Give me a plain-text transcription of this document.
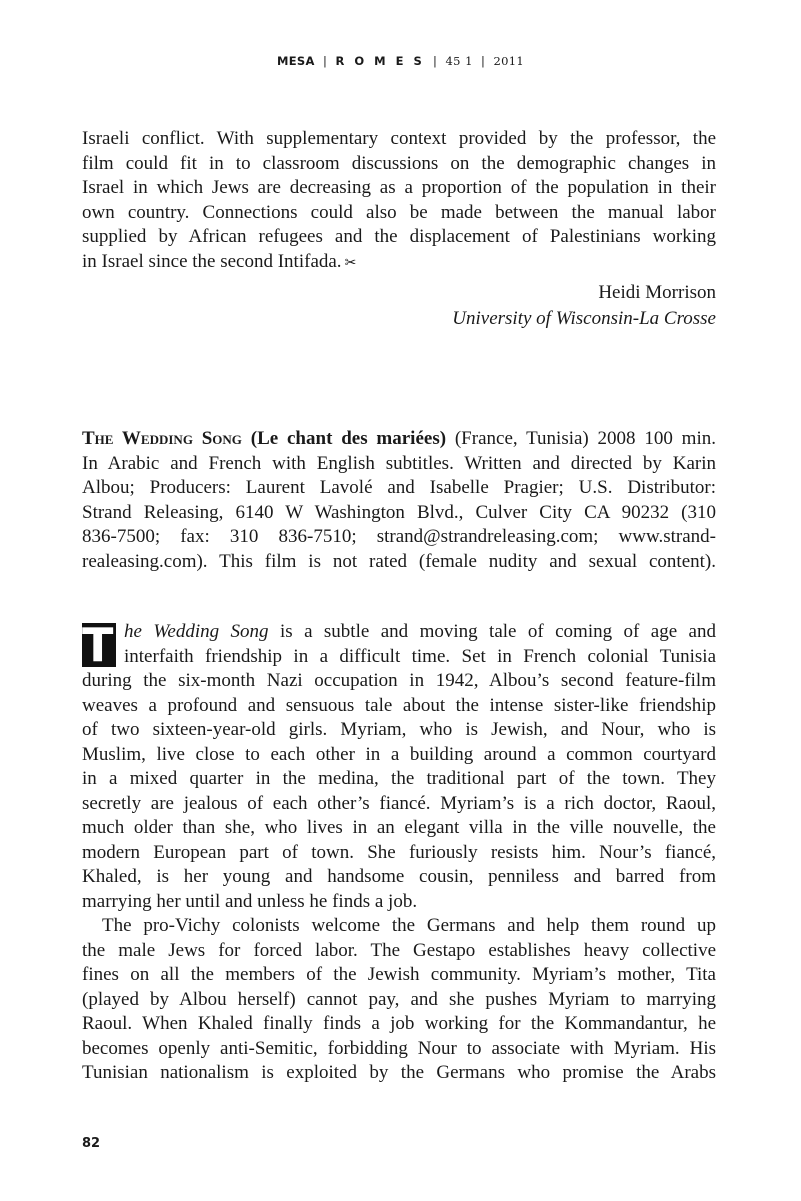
MESA | R O M E S | 45 1 | 2011
Israeli conflict. With supplementary context provided by the professor, the
film could fit in to classroom discussions on the demographic changes in
Israel in which Jews are decreasing as a proportion of the population in their
own country. Connections could also be made between the manual labor
supplied by African refugees and the displacement of Palestinians working
in Israel since the second Intifada. ✂
Heidi Morrison
University of Wisconsin-La Crosse
The Wedding Song (Le chant des mariées) (France, Tunisia) 2008 100 min.
In Arabic and French with English subtitles. Written and directed by Karin
Albou; Producers: Laurent Lavolé and Isabelle Pragier; U.S. Distributor:
Strand Releasing, 6140 W Washington Blvd., Culver City CA 90232 (310
836-7500; fax: 310 836-7510; strand@strandreleasing.com; www.strand-
realeasing.com). This film is not rated (female nudity and sexual content).
T he Wedding Song is a subtle and moving tale of coming of age and
interfaith friendship in a difficult time. Set in French colonial Tunisia
during the six-month Nazi occupation in 1942, Albou’s second feature-film
weaves a profound and sensuous tale about the intense sister-like friendship
of two sixteen-year-old girls. Myriam, who is Jewish, and Nour, who is
Muslim, live close to each other in a building around a common courtyard
in a mixed quarter in the medina, the traditional part of the town. They
secretly are jealous of each other’s fiancé. Myriam’s is a rich doctor, Raoul,
much older than she, who lives in an elegant villa in the ville nouvelle, the
modern European part of town. She furiously resists him. Nour’s fiancé,
Khaled, is her young and handsome cousin, penniless and barred from
marrying her until and unless he finds a job.
The pro-Vichy colonists welcome the Germans and help them round up
the male Jews for forced labor. The Gestapo establishes heavy collective
fines on all the members of the Jewish community. Myriam’s mother, Tita
(played by Albou herself) cannot pay, and she pushes Myriam to marrying
Raoul. When Khaled finally finds a job working for the Kommandantur, he
becomes openly anti-Semitic, forbidding Nour to associate with Myriam. His
Tunisian nationalism is exploited by the Germans who promise the Arabs
82
